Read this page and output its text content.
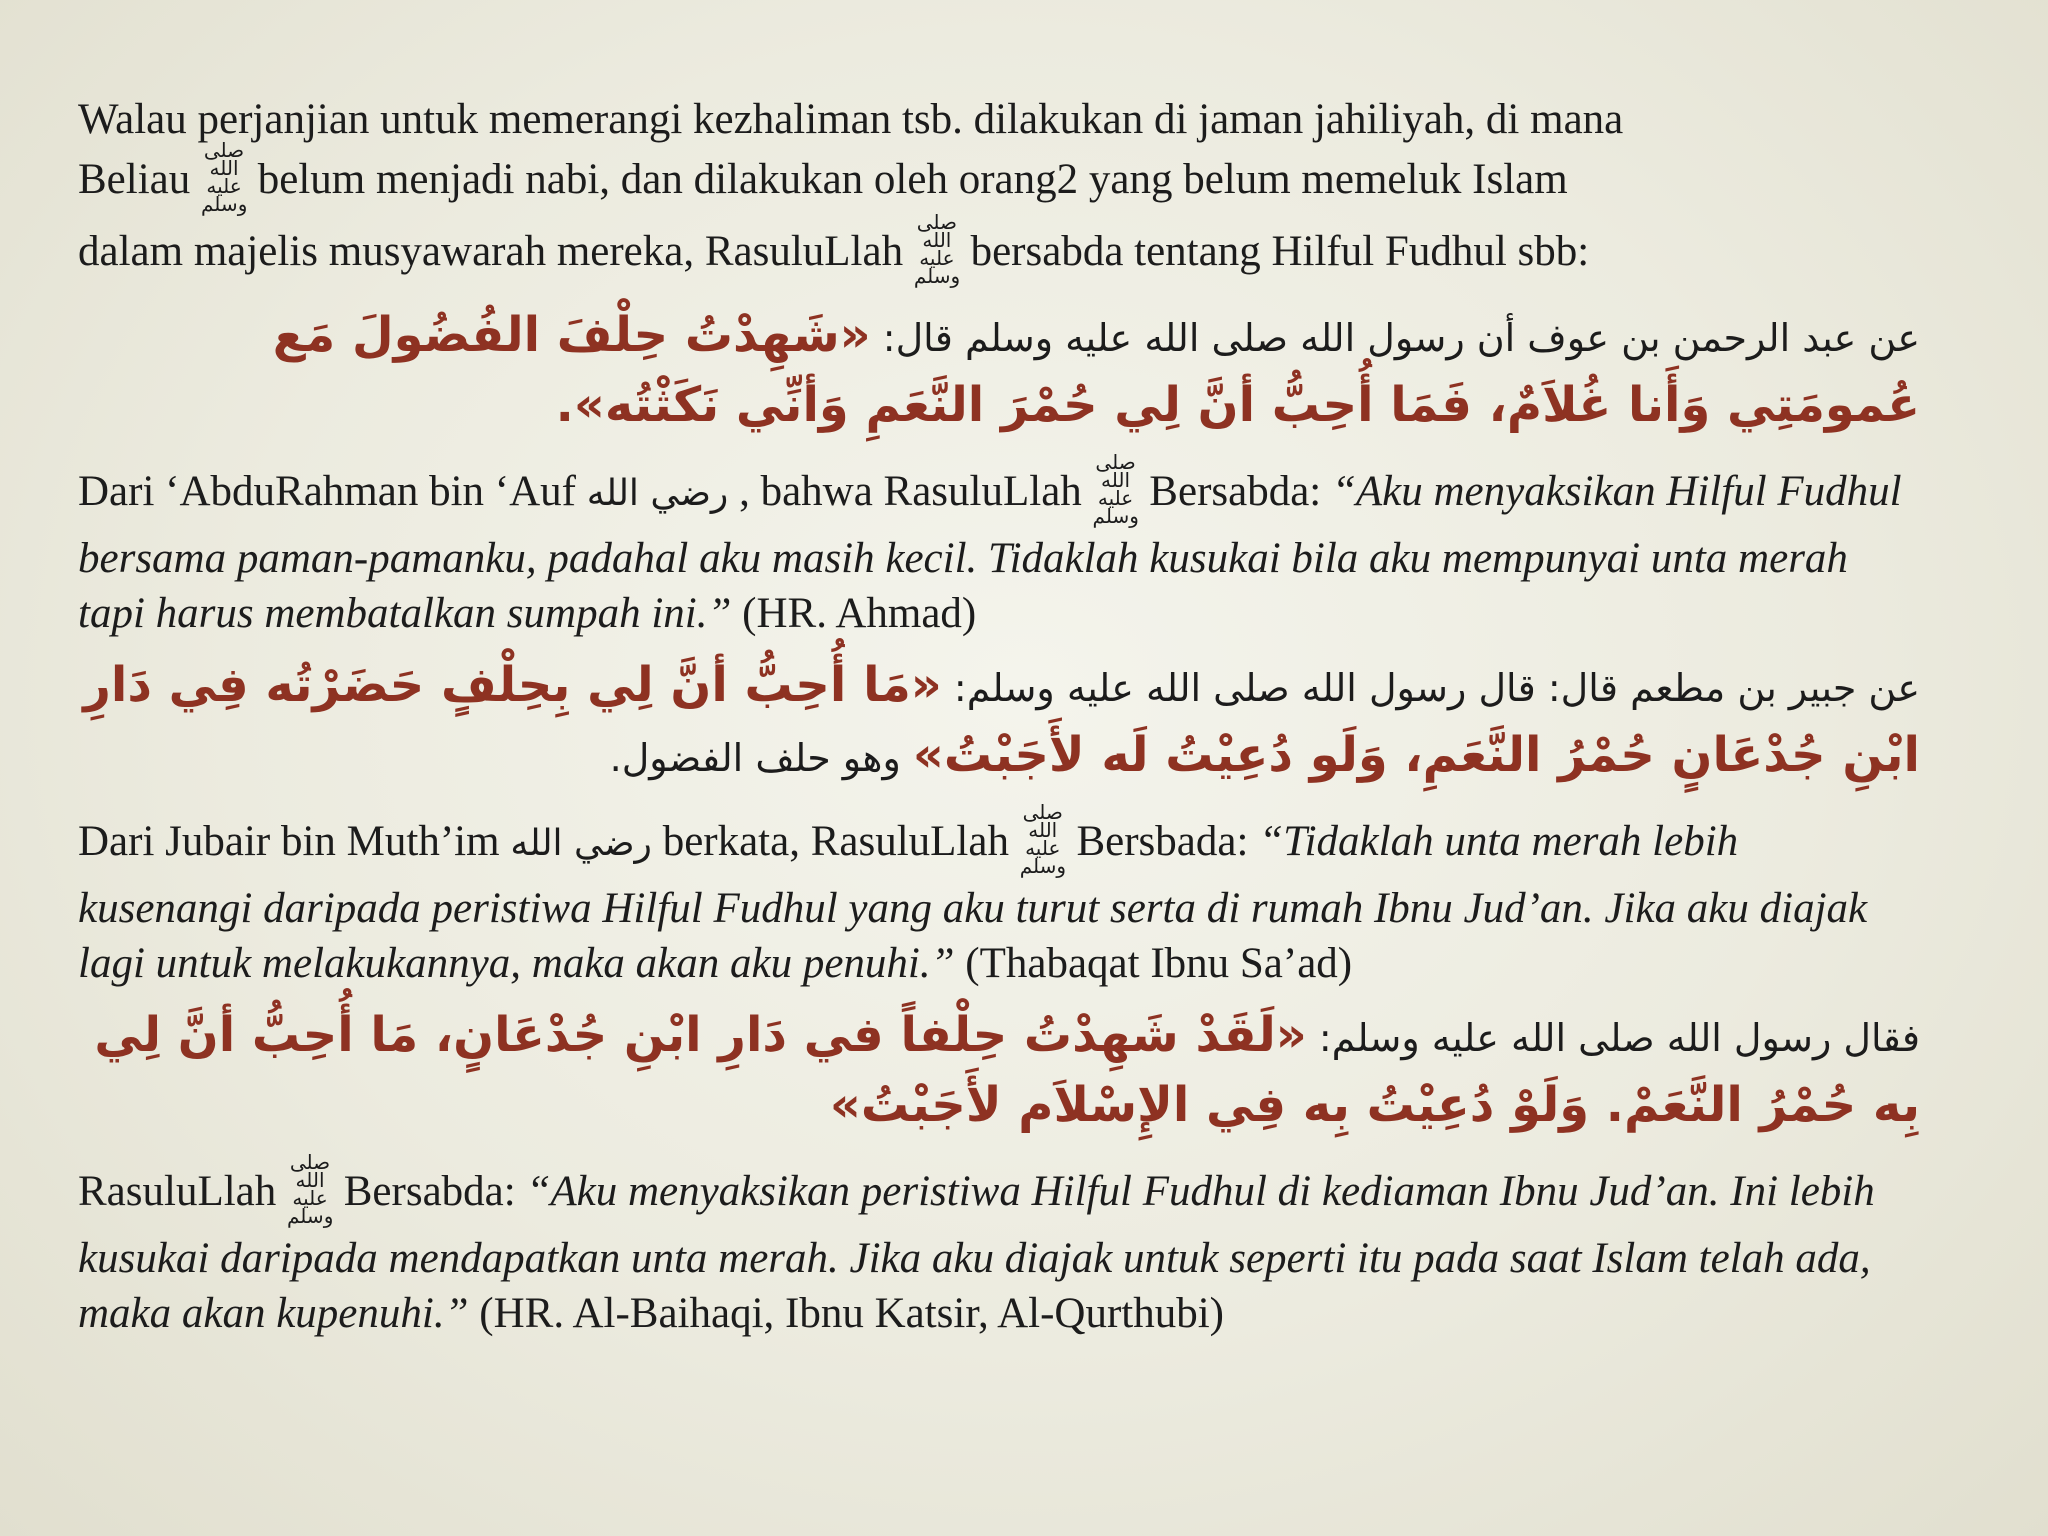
Walau perjanjian untuk memerangi kezhaliman tsb. dilakukan di jaman jahiliyah, di mana
Beliau
صلى الله
عليه وسلم
belum menjadi nabi, dan dilakukan oleh orang2 yang belum memeluk Islam
dalam majelis musyawarah mereka, RasuluLlah
صلى الله
عليه وسلم
bersabda tentang Hilful Fudhul sbb:

عن عبد الرحمن بن عوف أن رسول الله صلى الله عليه وسلم قال: «شَهِدْتُ حِلْفَ الفُضُولَ مَع عُمومَتِي وَأَنا غُلاَمٌ، فَمَا أُحِبُّ أنَّ لِي حُمْرَ النَّعَمِ وَأنِّي نَكَثْتُه».

Dari ‘AbduRahman bin ‘Auf رضي الله , bahwa RasuluLlah
صلى الله
عليه وسلم
Bersabda: “Aku menyaksikan Hilful Fudhul bersama paman-pamanku, padahal aku masih kecil. Tidaklah kusukai bila aku mempunyai unta merah tapi harus membatalkan sumpah ini.” (HR. Ahmad)

عن جبير بن مطعم قال: قال رسول الله صلى الله عليه وسلم: «مَا أُحِبُّ أنَّ لِي بِحِلْفٍ حَضَرْتُه فِي دَارِ ابْنِ جُدْعَانٍ حُمْرُ النَّعَمِ، وَلَو دُعِيْتُ لَه لأَجَبْتُ» وهو حلف الفضول.

Dari Jubair bin Muth’im رضي الله berkata, RasuluLlah
صلى الله
عليه وسلم
Bersbada: “Tidaklah unta merah lebih kusenangi daripada peristiwa Hilful Fudhul yang aku turut serta di rumah Ibnu Jud’an. Jika aku diajak lagi untuk melakukannya, maka akan aku penuhi.” (Thabaqat Ibnu Sa’ad)

فقال رسول الله صلى الله عليه وسلم: «لَقَدْ شَهِدْتُ حِلْفاً في دَارِ ابْنِ جُدْعَانٍ، مَا أُحِبُّ أنَّ لِي بِه حُمْرُ النَّعَمْ. وَلَوْ دُعِيْتُ بِه فِي الإِسْلاَم لأَجَبْتُ»

RasuluLlah
صلى الله
عليه وسلم
Bersabda: “Aku menyaksikan peristiwa Hilful Fudhul di kediaman Ibnu Jud’an. Ini lebih kusukai daripada mendapatkan unta merah. Jika aku diajak untuk seperti itu pada saat Islam telah ada, maka akan kupenuhi.” (HR. Al-Baihaqi, Ibnu Katsir, Al-Qurthubi)
